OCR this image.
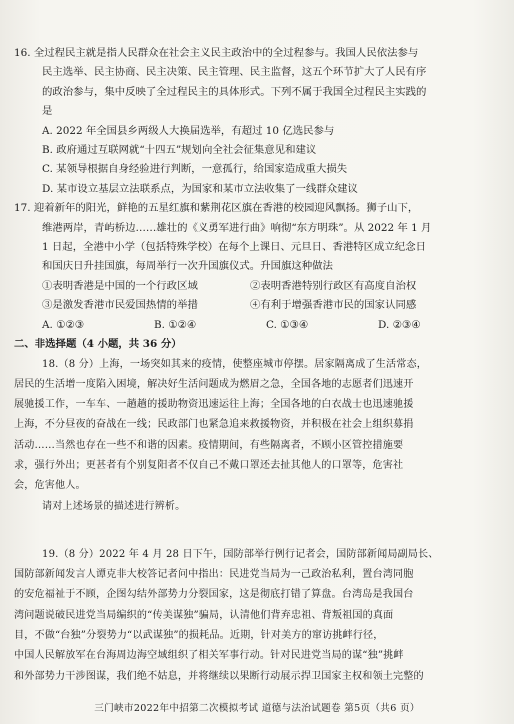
16. 全过程民主就是指人民群众在社会主义民主政治中的全过程参与。我国人民依法参与

民主选举、民主协商、民主决策、民主管理、民主监督，这五个环节扩大了人民有序

的政治参与，集中反映了全过程民主的具体形式。下列不属于我国全过程民主实践的

是

A. 2022 年全国县乡两级人大换届选举，有超过 10 亿选民参与

B. 政府通过互联网就“十四五”规划向全社会征集意见和建议

C. 某领导根据自身经验进行判断，一意孤行，给国家造成重大损失

D. 某市设立基层立法联系点，为国家和某市立法收集了一线群众建议

17. 迎着新年的阳光，鲜艳的五星红旗和紫荆花区旗在香港的校园迎风飘扬。狮子山下，

维港两岸，青屿桥边……雄壮的《义勇军进行曲》响彻“东方明珠”。从 2022 年 1 月

1 日起，全港中小学（包括特殊学校）在每个上课日、元旦日、香港特区成立纪念日

和国庆日升挂国旗，每周举行一次升国旗仪式。升国旗这种做法

①表明香港是中国的一个行政区域	②表明香港特别行政区有高度自治权
③是激发香港市民爱国热情的举措	④有利于增强香港市民的国家认同感
A. ①②③	B. ①②④	C. ①③④	D. ②③④

二、非选择题（4 小题，共 36 分）

18.（8 分）上海，一场突如其来的疫情，使整座城市停摆。居家隔离成了生活常态，

居民的生活增一度陷入困境，解决好生活问题成为燃眉之急，全国各地的志愿者们迅速开

展驰援工作，一车车、一趟趟的援助物资迅速运往上海；全国各地的白衣战士也迅速驰援

上海，不分昼夜的奋战在一线；民政部门也紧急追来救援物资，并积极在社会上组织募捐

活动……当然也存在一些不和谐的因素。疫情期间，有些隔离者，不顾小区管控措施要

求，强行外出；更甚者有个别复阳者不仅自己不戴口罩还去扯其他人的口罩等，危害社

会，危害他人。

请对上述场景的描述进行辨析。

19.（8 分）2022 年 4 月 28 日下午，国防部举行例行记者会，国防部新闻局副局长、

国防部新闻发言人谭克非大校答记者问中指出：民进党当局为一己政治私利，置台湾同胞

的安危福祉于不顾，企图勾结外部势力分裂国家，这是彻底打错了算盘。台湾岛是我国台

湾问题说破民进党当局编织的“传美谋独”骗局，认清他们背弃忠祖、背叛祖国的真面

目，不做“台独”分裂势力“以武谋独”的损耗品。近期，针对美方的窜访挑衅行径，

中国人民解放军在台海周边海空域组织了相关军事行动。针对民进党当局的谋“独”挑衅

和外部势力干涉图谋，我们绝不姑息，并将继续以果断行动展示捍卫国家主权和领土完整的

三门峡市2022年中招第二次模拟考试 道德与法治试题卷 第5页（共6 页）
